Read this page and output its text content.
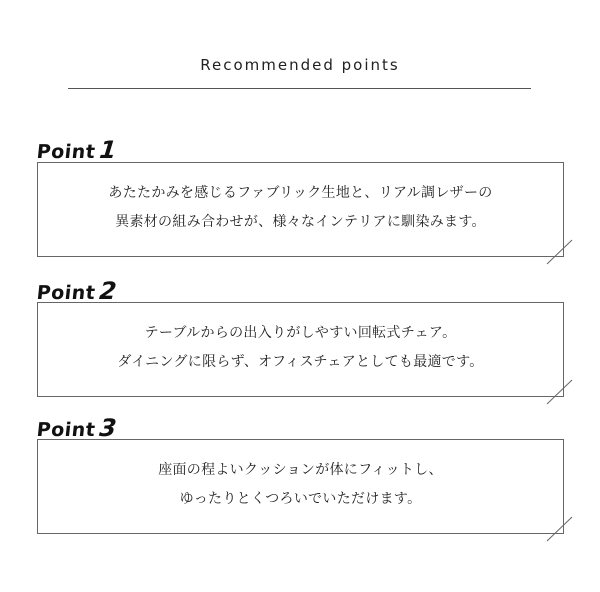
Recommended points
Point1
あたたかみを感じるファブリック生地と、リアル調レザーの
異素材の組み合わせが、様々なインテリアに馴染みます。
Point2
テーブルからの出入りがしやすい回転式チェア。
ダイニングに限らず、オフィスチェアとしても最適です。
Point3
座面の程よいクッションが体にフィットし、
ゆったりとくつろいでいただけます。
